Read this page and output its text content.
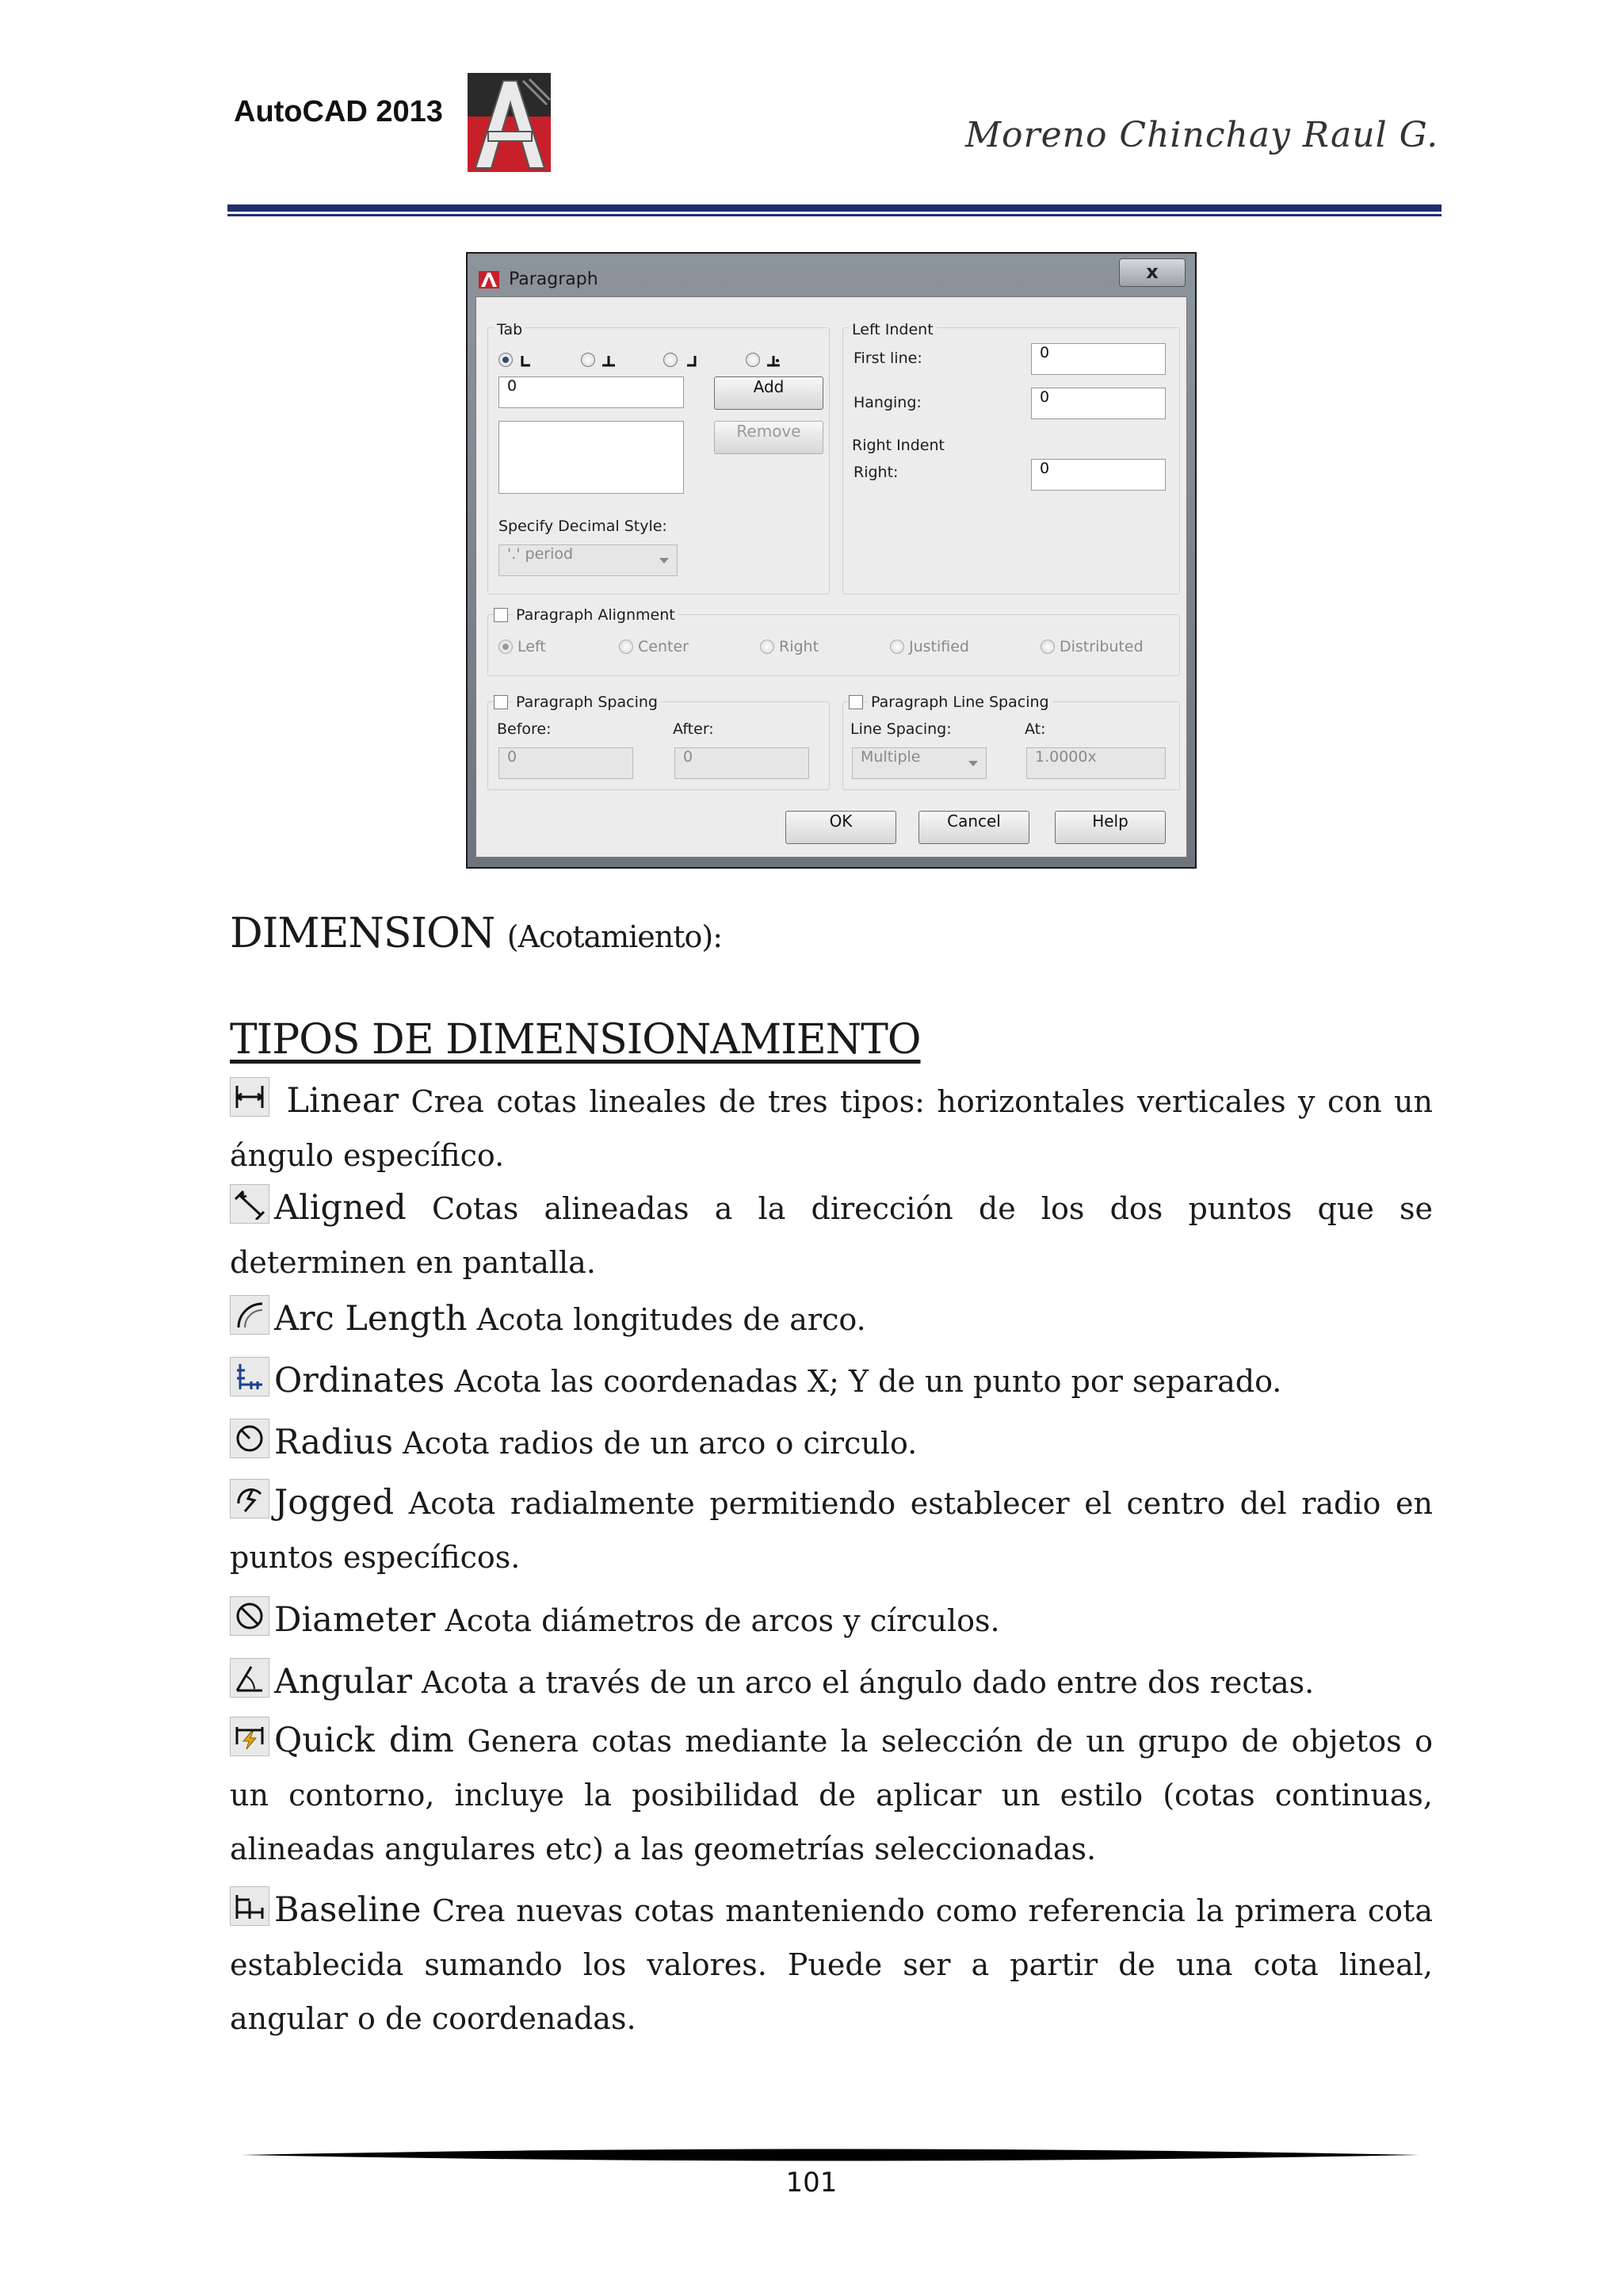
AutoCAD 2013
Moreno Chinchay Raul G.
Paragraph	x
Tab
0	Add
Remove
Specify Decimal Style:
'.' period
Left Indent
First line:	0
Hanging:	0
Right Indent
Right:	0
Paragraph Alignment
Left	Center	Right	Justified	Distributed
Paragraph Spacing
Before:
0
After:
0
Paragraph Line Spacing
Line Spacing:
Multiple
At:
1.0000x
OK	Cancel	Help
DIMENSION (Acotamiento):
TIPOS DE DIMENSIONAMIENTO

Linear Crea cotas lineales de tres tipos: horizontales verticales y con un ángulo específico.

Aligned Cotas alineadas a la dirección de los dos puntos que se determinen en pantalla.

Arc Length Acota longitudes de arco.

Ordinates Acota las coordenadas X; Y de un punto por separado.

Radius Acota radios de un arco o circulo.

Jogged Acota radialmente permitiendo establecer el centro del radio en puntos específicos.

Diameter Acota diámetros de arcos y círculos.

Angular Acota a través de un arco el ángulo dado entre dos rectas.

Quick dim Genera cotas mediante la selección de un grupo de objetos o un contorno, incluye la posibilidad de aplicar un estilo (cotas continuas, alineadas angulares etc) a las geometrías seleccionadas.

Baseline Crea nuevas cotas manteniendo como referencia la primera cota establecida sumando los valores. Puede ser a partir de una cota lineal, angular o de coordenadas.

101
